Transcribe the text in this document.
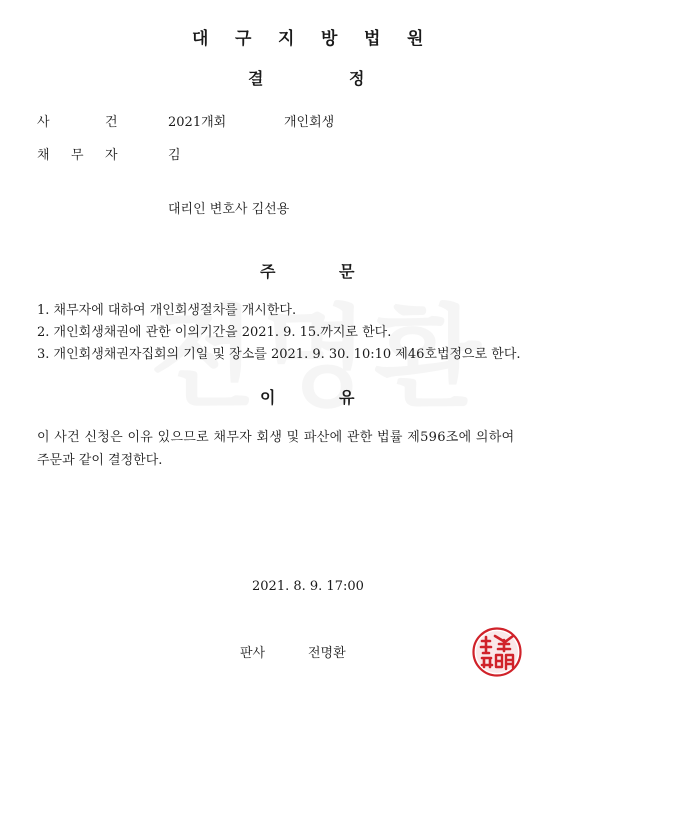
대 구 지 방 법 원
결	정
사	건	2021개회	개인회생
채 무 자	김
대리인 변호사 김선용
주	문
1. 채무자에 대하여 개인회생절차를 개시한다.
2. 개인회생채권에 관한 이의기간을 2021. 9. 15.까지로 한다.
3. 개인회생채권자집회의 기일 및 장소를 2021. 9. 30. 10:10 제46호법정으로 한다.
이	유
이 사건 신청은 이유 있으므로 채무자 회생 및 파산에 관한 법률 제596조에 의하여
주문과 같이 결정한다.
2021. 8. 9. 17:00
판사	전명환
